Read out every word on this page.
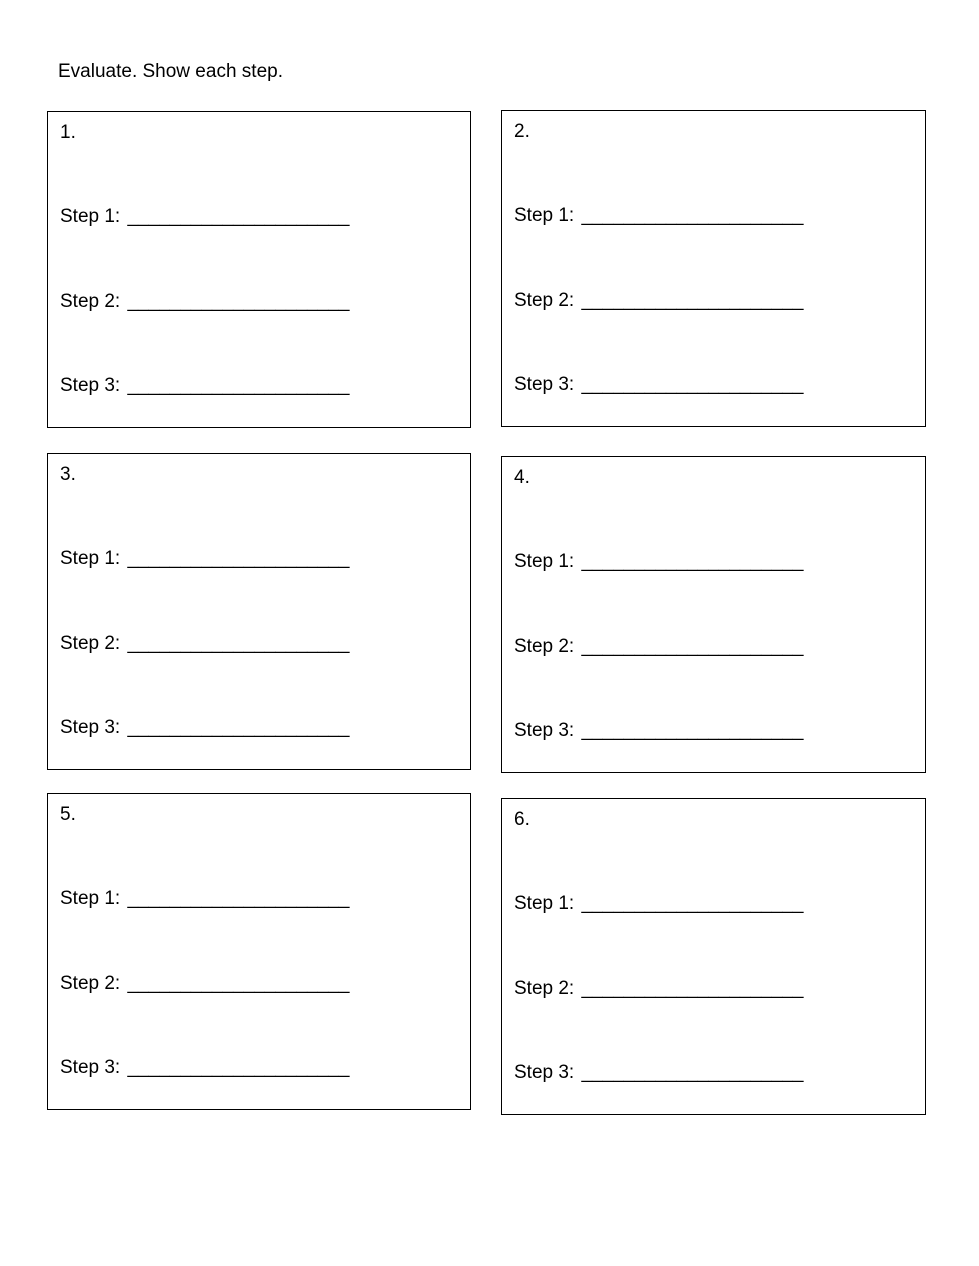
Evaluate. Show each step.
1.
Step 1: _____________________
Step 2: _____________________
Step 3: _____________________
2.
Step 1: _____________________
Step 2: _____________________
Step 3: _____________________
3.
Step 1: _____________________
Step 2: _____________________
Step 3: _____________________
4.
Step 1: _____________________
Step 2: _____________________
Step 3: _____________________
5.
Step 1: _____________________
Step 2: _____________________
Step 3: _____________________
6.
Step 1: _____________________
Step 2: _____________________
Step 3: _____________________
